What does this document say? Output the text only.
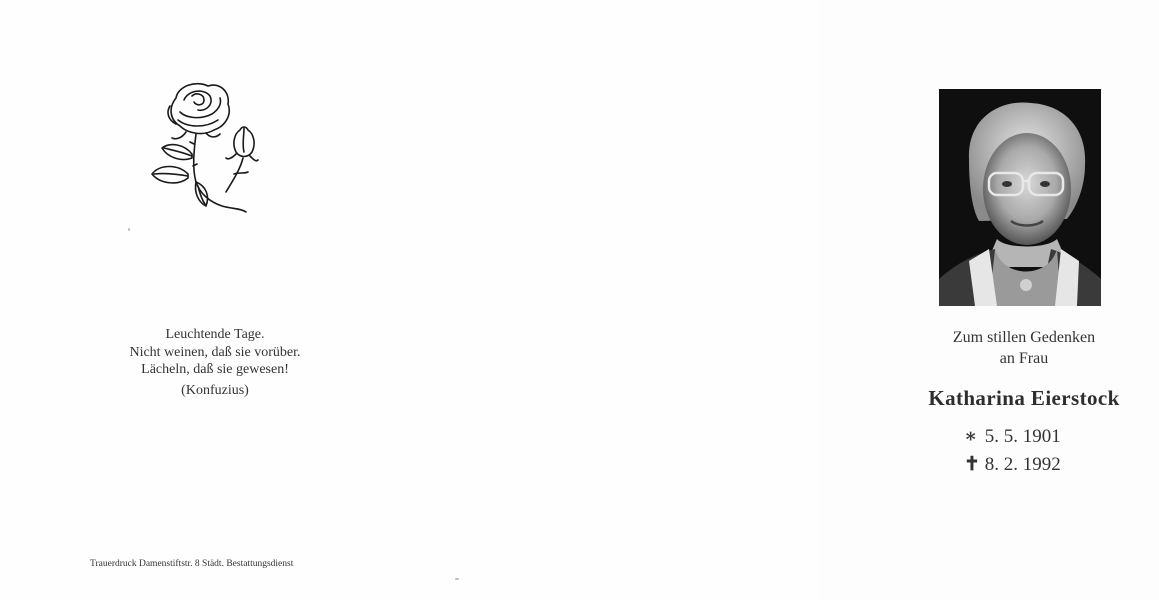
Leuchtende Tage.
Nicht weinen, daß sie vorüber.
Lächeln, daß sie gewesen!
(Konfuzius)
Trauerdruck Damenstiftstr. 8 Städt. Bestattungsdienst
Zum stillen Gedenken
an Frau
Katharina Eierstock
∗ 5. 5. 1901
✝ 8. 2. 1992
